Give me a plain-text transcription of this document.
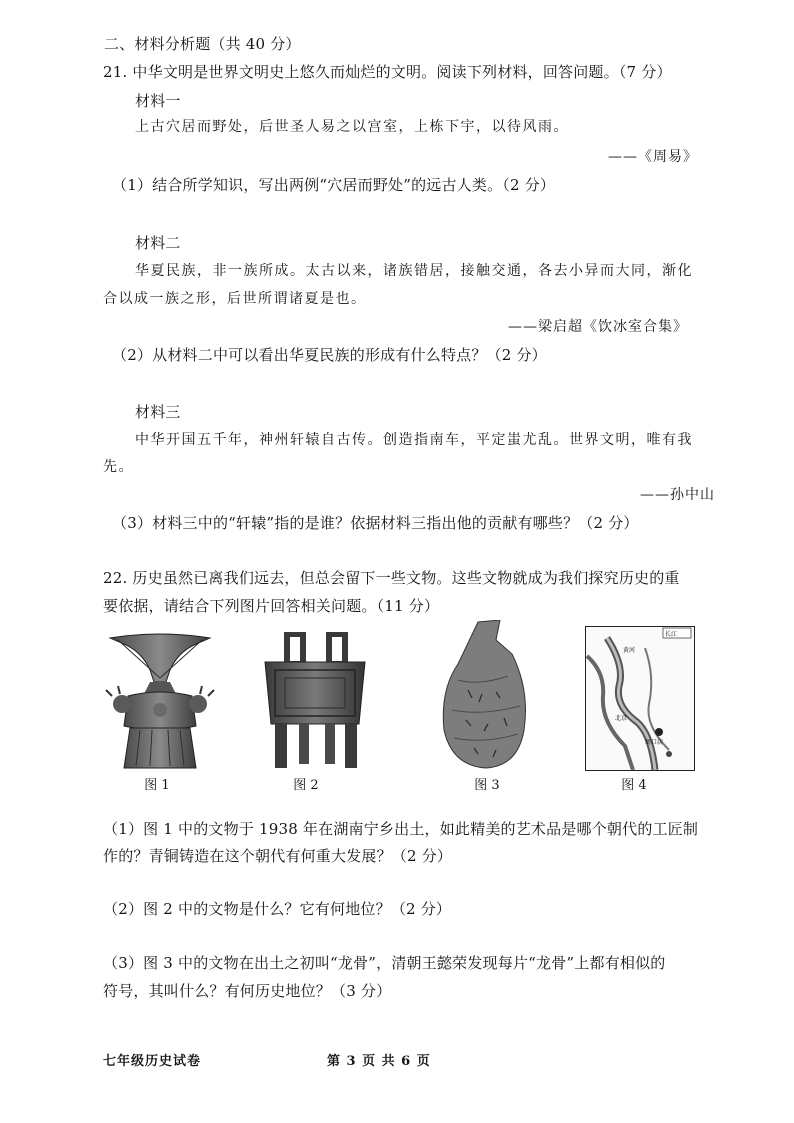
二、材料分析题（共 40 分）
21. 中华文明是世界文明史上悠久而灿烂的文明。阅读下列材料，回答问题。（7 分）
材料一
上古穴居而野处，后世圣人易之以宫室，上栋下宇，以待风雨。
——《周易》
（1）结合所学知识，写出两例“穴居而野处”的远古人类。（2 分）
材料二
华夏民族，非一族所成。太古以来，诸族错居，接触交通，各去小异而大同，渐化
合以成一族之形，后世所谓诸夏是也。
——梁启超《饮冰室合集》
（2）从材料二中可以看出华夏民族的形成有什么特点？（2 分）
材料三
中华开国五千年，神州轩辕自古传。创造指南车，平定蚩尤乱。世界文明，唯有我
先。
——孙中山
（3）材料三中的“轩辕”指的是谁？依据材料三指出他的贡献有哪些？（2 分）
22. 历史虽然已离我们远去，但总会留下一些文物。这些文物就成为我们探究历史的重
要依据，请结合下列图片回答相关问题。（11 分）
图 1	图 2	图 3
长江
黄河
北京
周口店
图 4
（1）图 1 中的文物于 1938 年在湖南宁乡出土，如此精美的艺术品是哪个朝代的工匠制
作的？青铜铸造在这个朝代有何重大发展？（2 分）
（2）图 2 中的文物是什么？它有何地位？（2 分）
（3）图 3 中的文物在出土之初叫“龙骨”，清朝王懿荣发现每片“龙骨”上都有相似的
符号，其叫什么？有何历史地位？（3 分）
七年级历史试卷	第 3 页 共 6 页
